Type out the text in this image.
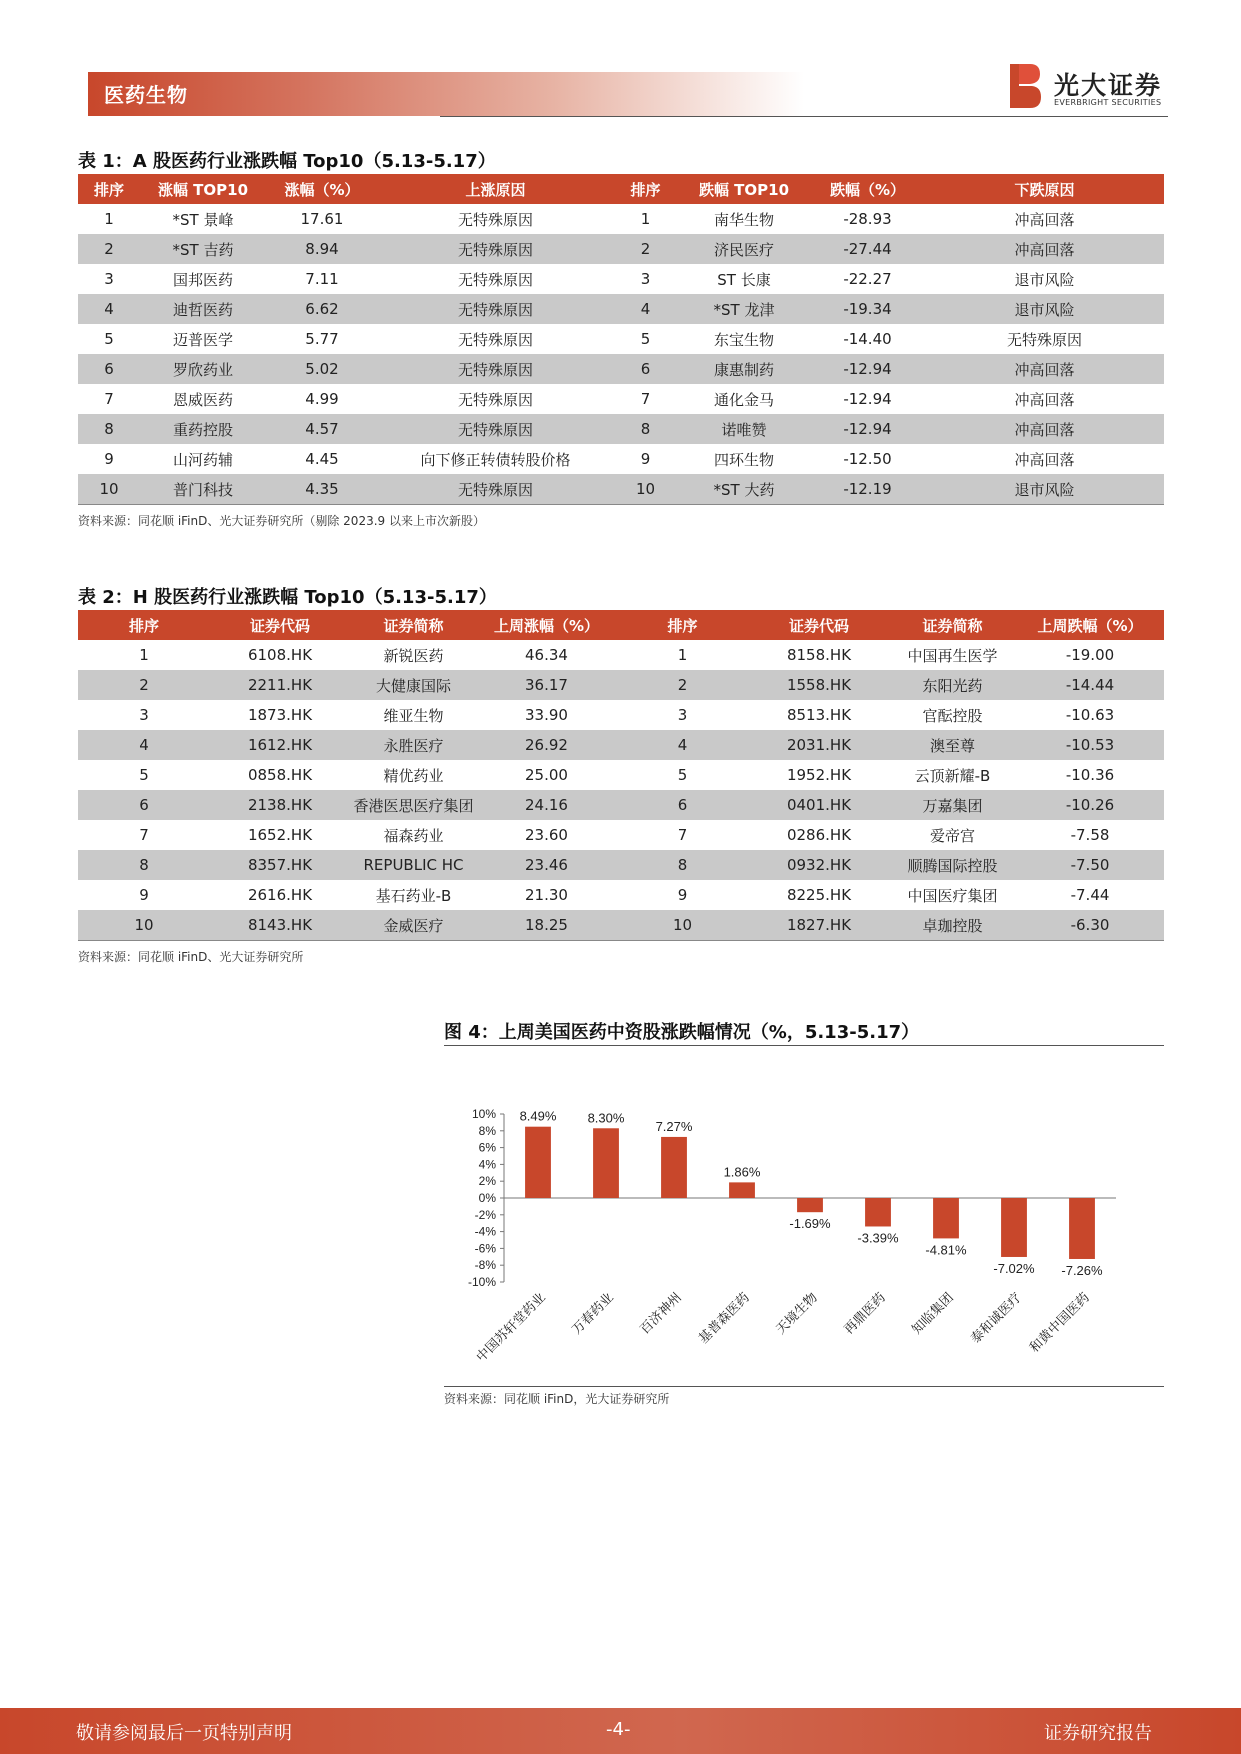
医药生物	光大证券
EVERBRIGHT SECURITIES
表 1：A 股医药行业涨跌幅 Top10（5.13-5.17）
排序	涨幅 TOP10	涨幅（%）	上涨原因	排序	跌幅 TOP10	跌幅（%）	下跌原因
1	*ST 景峰	17.61	无特殊原因	1	南华生物	-28.93	冲高回落
2	*ST 吉药	8.94	无特殊原因	2	济民医疗	-27.44	冲高回落
3	国邦医药	7.11	无特殊原因	3	ST 长康	-22.27	退市风险
4	迪哲医药	6.62	无特殊原因	4	*ST 龙津	-19.34	退市风险
5	迈普医学	5.77	无特殊原因	5	东宝生物	-14.40	无特殊原因
6	罗欣药业	5.02	无特殊原因	6	康惠制药	-12.94	冲高回落
7	恩威医药	4.99	无特殊原因	7	通化金马	-12.94	冲高回落
8	重药控股	4.57	无特殊原因	8	诺唯赞	-12.94	冲高回落
9	山河药辅	4.45	向下修正转债转股价格	9	四环生物	-12.50	冲高回落
10	普门科技	4.35	无特殊原因	10	*ST 大药	-12.19	退市风险
资料来源：同花顺 iFinD、光大证券研究所（剔除 2023.9 以来上市次新股）
表 2：H 股医药行业涨跌幅 Top10（5.13-5.17）
排序	证券代码	证券简称	上周涨幅（%）	排序	证券代码	证券简称	上周跌幅（%）
1	6108.HK	新锐医药	46.34	1	8158.HK	中国再生医学	-19.00
2	2211.HK	大健康国际	36.17	2	1558.HK	东阳光药	-14.44
3	1873.HK	维亚生物	33.90	3	8513.HK	官酝控股	-10.63
4	1612.HK	永胜医疗	26.92	4	2031.HK	澳至尊	-10.53
5	0858.HK	精优药业	25.00	5	1952.HK	云顶新耀-B	-10.36
6	2138.HK	香港医思医疗集团	24.16	6	0401.HK	万嘉集团	-10.26
7	1652.HK	福森药业	23.60	7	0286.HK	爱帝宫	-7.58
8	8357.HK	REPUBLIC HC	23.46	8	0932.HK	顺腾国际控股	-7.50
9	2616.HK	基石药业-B	21.30	9	8225.HK	中国医疗集团	-7.44
10	8143.HK	金威医疗	18.25	10	1827.HK	卓珈控股	-6.30
资料来源：同花顺 iFinD、光大证券研究所
图 4：上周美国医药中资股涨跌幅情况（%，5.13-5.17）
10%
8%
6%
4%
2%
0%
-2%
-4%
-6%
-8%
-10%
8.49%
中国苏轩堂药业
8.30%
万春药业
7.27%
百济神州
1.86%
基普森医药
-1.69%
天境生物
-3.39%
再鼎医药
-4.81%
知临集团
-7.02%
泰和诚医疗
-7.26%
和黄中国医药
资料来源：同花顺 iFinD，光大证券研究所
敬请参阅最后一页特别声明	-4-	证券研究报告
